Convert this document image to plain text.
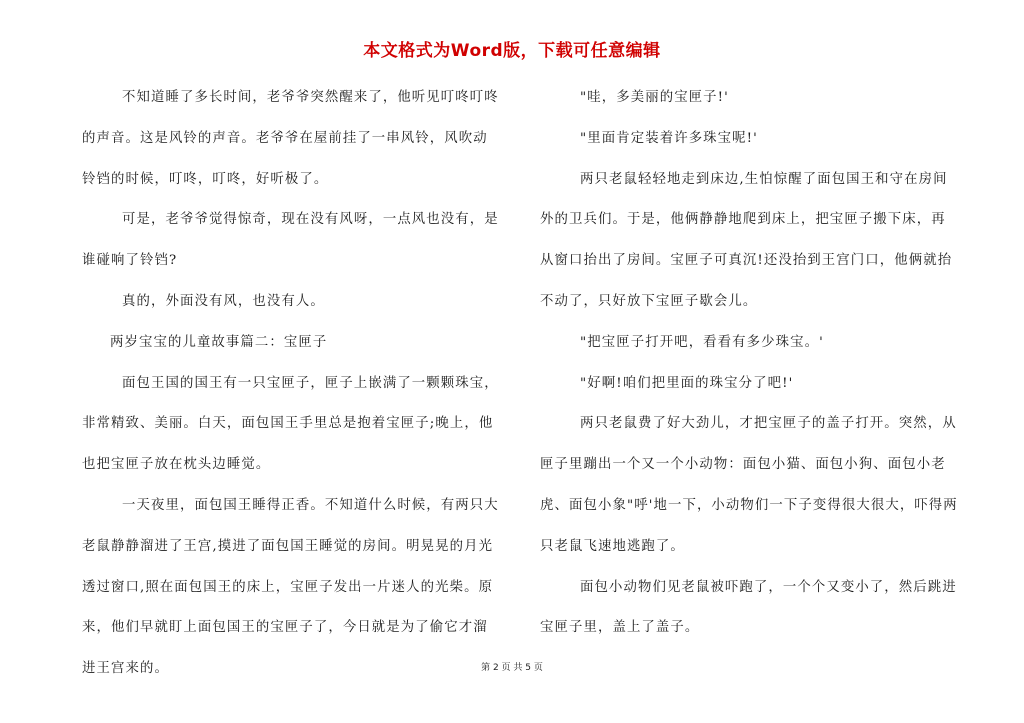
本文格式为Word版，下载可任意编辑

不知道睡了多长时间，老爷爷突然醒来了，他听见叮咚叮咚的声音。这是风铃的声音。老爷爷在屋前挂了一串风铃，风吹动铃铛的时候，叮咚，叮咚，好听极了。

可是，老爷爷觉得惊奇，现在没有风呀，一点风也没有，是谁碰响了铃铛?

真的，外面没有风，也没有人。

两岁宝宝的儿童故事篇二：宝匣子

面包王国的国王有一只宝匣子，匣子上嵌满了一颗颗珠宝，非常精致、美丽。白天，面包国王手里总是抱着宝匣子;晚上，他也把宝匣子放在枕头边睡觉。

一天夜里，面包国王睡得正香。不知道什么时候，有两只大老鼠静静溜进了王宫,摸进了面包国王睡觉的房间。明晃晃的月光透过窗口,照在面包国王的床上，宝匣子发出一片迷人的光柴。原来，他们早就盯上面包国王的宝匣子了，今日就是为了偷它才溜进王宫来的。

"哇，多美丽的宝匣子!'

"里面肯定装着许多珠宝呢!'

两只老鼠轻轻地走到床边,生怕惊醒了面包国王和守在房间外的卫兵们。于是，他俩静静地爬到床上，把宝匣子搬下床，再从窗口抬出了房间。宝匣子可真沉!还没抬到王宫门口，他俩就抬不动了，只好放下宝匣子歇会儿。

"把宝匣子打开吧，看看有多少珠宝。'

"好啊!咱们把里面的珠宝分了吧!'

两只老鼠费了好大劲儿，才把宝匣子的盖子打开。突然，从匣子里蹦出一个又一个小动物：面包小猫、面包小狗、面包小老虎、面包小象"呼'地一下，小动物们一下子变得很大很大，吓得两只老鼠飞速地逃跑了。

面包小动物们见老鼠被吓跑了，一个个又变小了，然后跳进宝匣子里，盖上了盖子。

第 2 页 共 5 页
